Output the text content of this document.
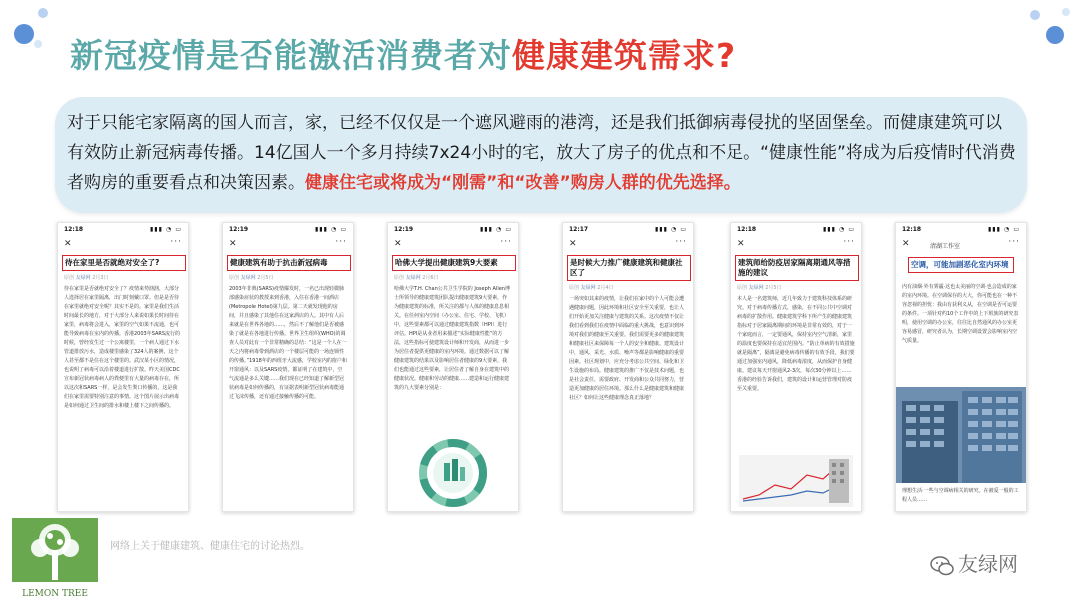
新冠疫情是否能激活消费者对健康建筑需求?

对于只能宅家隔离的国人而言，家，已经不仅仅是一个遮风避雨的港湾，还是我们抵御病毒侵扰的坚固堡垒。而健康建筑可以有效防止新冠病毒传播。14亿国人一个多月持续7x24小时的宅，放大了房子的优点和不足。“健康性能”将成为后疫情时代消费者购房的重要看点和决策因素。健康住宅或将成为“刚需”和“改善”购房人群的优先选择。

12:18	▮▮▮ ◔ ▭
✕	···
待在家里是否就绝对安全了?
原创 友绿网 2月3日
待在家里是否就绝对安全了？疫情来势汹汹，大部分人选择居在家里隔离，出门时刻戴口罩。但是是否待在家里就绝对安全呢？其实不是的。家里是我们生活时间最长的地方，对于大部分人来说如果长时间待在家里，病毒将会进入，家里的空气如果不流通，也可能导致病毒在室内的传播。香港2003年SARS流行的时候，曾经发生过一个公寓楼里，一个病人通过下水管道排放污水，造成楼里感染了324人的案例，这个人甚至都不是住在这个楼里的。武汉某小区的情况，也说明了病毒可以沿着楼道进行扩散。昨天美国CDC宣布新冠状病毒病人的粪便里有大量的病毒存在，所以这次和SARS一样，是会发生粪口传播的，这是我们在家里需要特别注意的事情。这个图片展示出病毒是如何通过卫生间的排水和楼上楼下之间传播的。
12:19	▮▮▮ ◔ ▭
✕	···
健康建筑有助于抗击新冠病毒
原创 友绿网 2月5日
2003年非典(SARS)疫情爆发时，一名已出现轻微肺部感染症状的教授来到香港，入住在香港一间酒店(Metropole Hotel)第九层。第二天就发现他的房间，并且感染了其他住在这家酒店的人。其中有人后来就是在世界各地的……，然后不了解他们是否被感染了就是在各地进行传播。世界卫生组织(WHO)的调查人员对此有一个非常精确的总结：“这是一个人在一天之内将病毒带到酒店的一个楼层可能的一场连锁性的传播。”1918年的西班牙大流感，学校室内的窗户和开窗通风：以及SARS疫情，都证明了在建筑中，空气流通是多么关键……我们现在已经知道了解新型冠状病毒是如何传播的，有证据表明新型冠状病毒能通过飞沫传播，还有通过接触传播的可能。
12:19	▮▮▮ ◔ ▭
✕	···
哈佛大学提出健康建筑9大要素
原创 友绿网 2月6日
哈佛大学T.H. Chan公共卫生学院的 Joseph Allen博士所领导的健康建筑团队提出健康建筑9大要素，作为健康建筑的标准，所关注的都与人体的健康息息相关。在任何室内空间（办公室、住宅、学校、飞机）中，这些要素都可以通过健康建筑指数（HPI）进行评估。HPI是从业者用来描述“实际健康性能”的方法，这些指标可使建筑设计师和开发商，从而进一步为居住者提供更健康的室内环境。通过数据可以了解健康建筑的结果以及影响居住者健康的9大要素，我们也能通过这些要素，让居住者了解自身在建筑中的健康状况。健康和劳动的健康……建造和运行健康建筑的九大要素分别是：
12:17	▮▮▮ ◔ ▭
✕	···
是时候大力推广健康建筑和健康社区了
原创 友绿网 2月4日
一场突如其来的疫情，让我们在家中的个人可能会遭遇健康问题，因此环境和社区安全至关重要，也让人们开始更加关注健康与建筑的关系。这次疫情不仅让我们看到我们在疫情中面临的重大挑战，也意识到环境对我们的健康至关重要。我们需要更多的健康建筑和健康社区来保障每一个人的安全和健康。建筑设计中，通风、采光、水质、噪声等都是影响健康的重要因素。社区规划中，应充分考虑公共空间、绿化和卫生设施的布局。健康建筑的推广不仅是技术问题，也是社会责任，需要政府、开发商和公众共同努力，营造更加健康的居住环境。那么什么是健康建筑和健康社区？如何让这些健康理念真正落地？
12:18	▮▮▮ ◔ ▭
✕	···
建筑师给防疫居家隔离期通风等措施的建议
原创 友绿网 2月5日
本人是一名建筑师，近几年致力于建筑科技体系的研究。对于病毒传播方式，感染，在不同公共中空调对病毒的扩散作用。健康建筑学科下所产生的健康建筑指标对于居家隔离期间的环境是非常有效的，对于一个家庭而言，一定要通风，保持室内空气清新，家里的温度也要保持在适宜范围内。“防止单病的有效措施就是隔离”，隔离是避免病毒传播的有效手段。我们要通过加强室内通风，降低病毒浓度，从而保护自身健康。建议每天开窗通风2-3次，每次30分钟以上……香港的经验告诉我们，建筑的设计和运营管理对防疫至关重要。
12:18	▮▮▮ ◔ ▭
✕	···
清湖工作室
空调，可能加剧恶化室内环境
内有油烟·外有雾霾·这也太美丽的空调·也会造成的家的室内环境。在空调保存的大大，你可能也在一种不容忽视的担忧：我由有获利义从，在空调是否可运要的条件。一项针对约10个工作中的上下班族的研究表明，使用空调的办公室，往往比自然通风的办公室更容易感冒，研究者认为，长期空调设置会影响室内空气质量。
理想生活·一些与空调病相关的研究。在被爱一般的工程人员……
LEMON TREE
网络上关于健康建筑、健康住宅的讨论热烈。
友绿网
